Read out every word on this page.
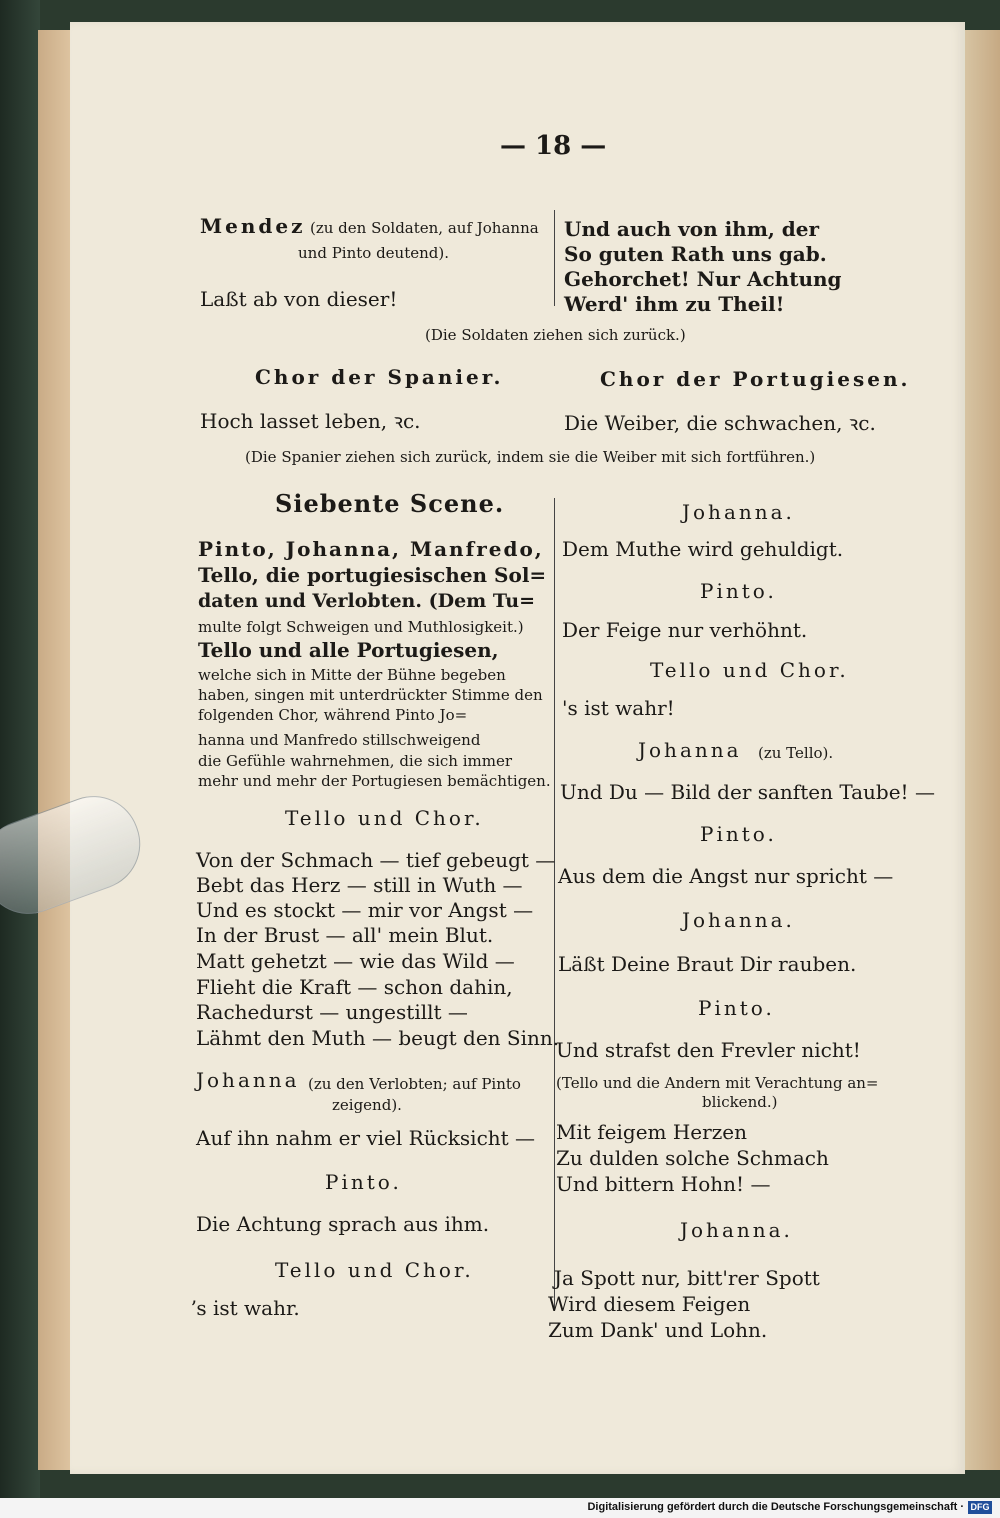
— 18 —
Mendez (zu den Soldaten, auf Johanna
und Pinto deutend).
Laßt ab von dieser!
Und auch von ihm, der
So guten Rath uns gab.
Gehorchet! Nur Achtung
Werd' ihm zu Theil!
(Die Soldaten ziehen sich zurück.)
Chor der Spanier.	Chor der Portugiesen.
Hoch lasset leben, ꝛc.	Die Weiber, die schwachen, ꝛc.
(Die Spanier ziehen sich zurück, indem sie die Weiber mit sich fortführen.)
Siebente Scene.
Pinto, Johanna, Manfredo,
Tello, die portugiesischen Sol=
daten und Verlobten. (Dem Tu=
multe folgt Schweigen und Muthlosigkeit.)
Tello und alle Portugiesen,
welche sich in Mitte der Bühne begeben
haben, singen mit unterdrückter Stimme den
folgenden Chor, während Pinto Jo=
hanna und Manfredo stillschweigend
die Gefühle wahrnehmen, die sich immer
mehr und mehr der Portugiesen bemächtigen.
Tello und Chor.
Von der Schmach — tief gebeugt —
Bebt das Herz — still in Wuth —
Und es stockt — mir vor Angst —
In der Brust — all' mein Blut.
Matt gehetzt — wie das Wild —
Flieht die Kraft — schon dahin,
Rachedurst — ungestillt —
Lähmt den Muth — beugt den Sinn.
Johanna (zu den Verlobten; auf Pinto
zeigend).
Auf ihn nahm er viel Rücksicht —
Pinto.
Die Achtung sprach aus ihm.
Tello und Chor.
ʼs ist wahr.
Johanna.
Dem Muthe wird gehuldigt.
Pinto.
Der Feige nur verhöhnt.
Tello und Chor.
's ist wahr!
Johanna (zu Tello).
Und Du — Bild der sanften Taube! —
Pinto.
Aus dem die Angst nur spricht —
Johanna.
Läßt Deine Braut Dir rauben.
Pinto.
Und strafst den Frevler nicht!
(Tello und die Andern mit Verachtung an=
blickend.)
Mit feigem Herzen
Zu dulden solche Schmach
Und bittern Hohn! —
Johanna.
Ja Spott nur, bitt'rer Spott
Wird diesem Feigen
Zum Dank' und Lohn.
Digitalisierung gefördert durch die Deutsche Forschungsgemeinschaft · DFG
